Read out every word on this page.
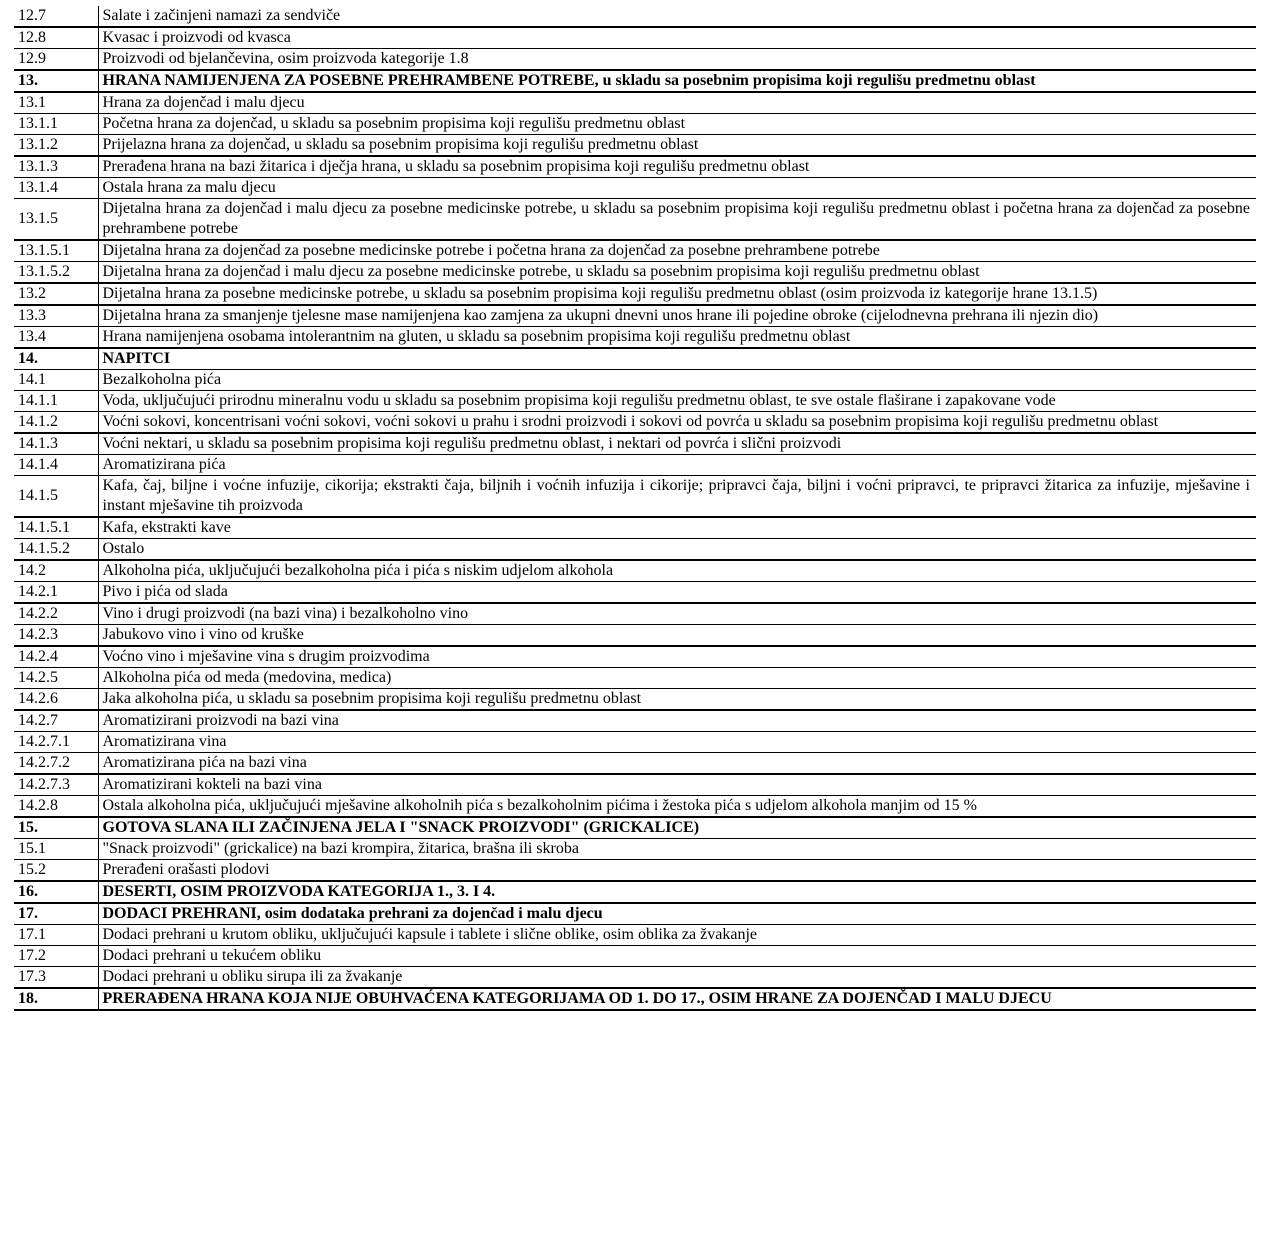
12.7	Salate i začinjeni namazi za sendviče
12.8	Kvasac i proizvodi od kvasca
12.9	Proizvodi od bjelančevina, osim proizvoda kategorije 1.8
13.	HRANA NAMIJENJENA ZA POSEBNE PREHRAMBENE POTREBE, u skladu sa posebnim propisima koji regulišu predmetnu oblast
13.1	Hrana za dojenčad i malu djecu
13.1.1	Početna hrana za dojenčad, u skladu sa posebnim propisima koji regulišu predmetnu oblast
13.1.2	Prijelazna hrana za dojenčad, u skladu sa posebnim propisima koji regulišu predmetnu oblast
13.1.3	Prerađena hrana na bazi žitarica i dječja hrana, u skladu sa posebnim propisima koji regulišu predmetnu oblast
13.1.4	Ostala hrana za malu djecu
13.1.5	Dijetalna hrana za dojenčad i malu djecu za posebne medicinske potrebe, u skladu sa posebnim propisima koji regulišu predmetnu oblast i početna hrana za dojenčad za posebne prehrambene potrebe
13.1.5.1	Dijetalna hrana za dojenčad za posebne medicinske potrebe i početna hrana za dojenčad za posebne prehrambene potrebe
13.1.5.2	Dijetalna hrana za dojenčad i malu djecu za posebne medicinske potrebe, u skladu sa posebnim propisima koji regulišu predmetnu oblast
13.2	Dijetalna hrana za posebne medicinske potrebe, u skladu sa posebnim propisima koji regulišu predmetnu oblast (osim proizvoda iz kategorije hrane 13.1.5)
13.3	Dijetalna hrana za smanjenje tjelesne mase namijenjena kao zamjena za ukupni dnevni unos hrane ili pojedine obroke (cijelodnevna prehrana ili njezin dio)
13.4	Hrana namijenjena osobama intolerantnim na gluten, u skladu sa posebnim propisima koji regulišu predmetnu oblast
14.	NAPITCI
14.1	Bezalkoholna pića
14.1.1	Voda, uključujući prirodnu mineralnu vodu u skladu sa posebnim propisima koji regulišu predmetnu oblast, te sve ostale flaširane i zapakovane vode
14.1.2	Voćni sokovi, koncentrisani voćni sokovi, voćni sokovi u prahu i srodni proizvodi i sokovi od povrća u skladu sa posebnim propisima koji regulišu predmetnu oblast
14.1.3	Voćni nektari, u skladu sa posebnim propisima koji regulišu predmetnu oblast, i nektari od povrća i slični proizvodi
14.1.4	Aromatizirana pića
14.1.5	Kafa, čaj, biljne i voćne infuzije, cikorija; ekstrakti čaja, biljnih i voćnih infuzija i cikorije; pripravci čaja, biljni i voćni pripravci, te pripravci žitarica za infuzije, mješavine i instant mješavine tih proizvoda
14.1.5.1	Kafa, ekstrakti kave
14.1.5.2	Ostalo
14.2	Alkoholna pića, uključujući bezalkoholna pića i pića s niskim udjelom alkohola
14.2.1	Pivo i pića od slada
14.2.2	Vino i drugi proizvodi (na bazi vina) i bezalkoholno vino
14.2.3	Jabukovo vino i vino od kruške
14.2.4	Voćno vino i mješavine vina s drugim proizvodima
14.2.5	Alkoholna pića od meda (medovina, medica)
14.2.6	Jaka alkoholna pića, u skladu sa posebnim propisima koji regulišu predmetnu oblast
14.2.7	Aromatizirani proizvodi na bazi vina
14.2.7.1	Aromatizirana vina
14.2.7.2	Aromatizirana pića na bazi vina
14.2.7.3	Aromatizirani kokteli na bazi vina
14.2.8	Ostala alkoholna pića, uključujući mješavine alkoholnih pića s bezalkoholnim pićima i žestoka pića s udjelom alkohola manjim od 15 %
15.	GOTOVA SLANA ILI ZAČINJENA JELA I "SNACK PROIZVODI" (GRICKALICE)
15.1	"Snack proizvodi" (grickalice) na bazi krompira, žitarica, brašna ili skroba
15.2	Prerađeni orašasti plodovi
16.	DESERTI, OSIM PROIZVODA KATEGORIJA 1., 3. I 4.
17.	DODACI PREHRANI, osim dodataka prehrani za dojenčad i malu djecu
17.1	Dodaci prehrani u krutom obliku, uključujući kapsule i tablete i slične oblike, osim oblika za žvakanje
17.2	Dodaci prehrani u tekućem obliku
17.3	Dodaci prehrani u obliku sirupa ili za žvakanje
18.	PRERAĐENA HRANA KOJA NIJE OBUHVAĆENA KATEGORIJAMA OD 1. DO 17., OSIM HRANE ZA DOJENČAD I MALU DJECU
